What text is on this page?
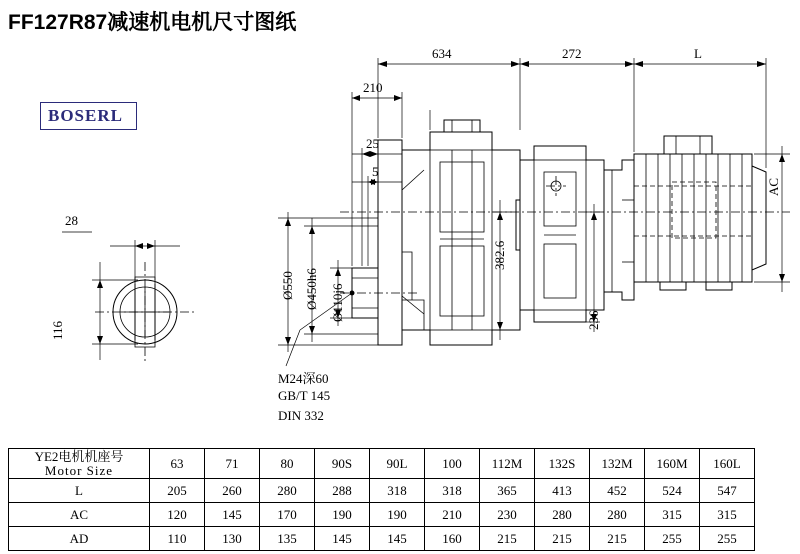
FF127R87减速机电机尺寸图纸
BOSERL
28
116
634	272	L
210
25
5
Ø550 Ø450h6 Ø110j6
382.6
236
AC
M24深60
GB/T 145
DIN 332
YE2电机机座号
Motor Size	63	71	80	90S	90L	100	112M	132S	132M	160M	160L
L	205	260	280	288	318	318	365	413	452	524	547
AC	120	145	170	190	190	210	230	280	280	315	315
AD	110	130	135	145	145	160	215	215	215	255	255
